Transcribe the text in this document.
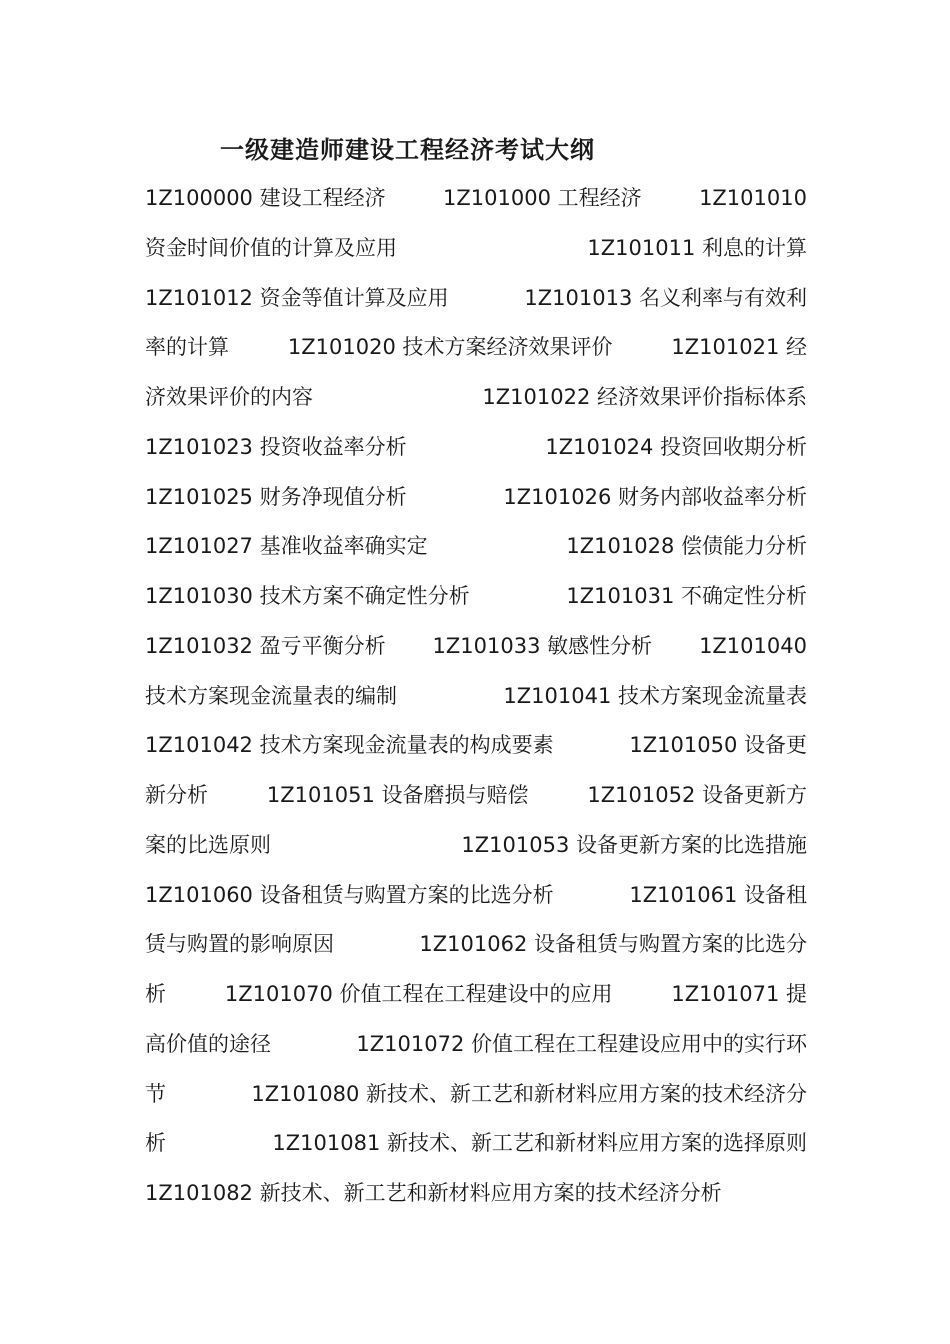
一级建造师建设工程经济考试大纲
1Z100000 建设工程经济	1Z101000 工程经济	1Z101010
资金时间价值的计算及应用	1Z101011 利息的计算
1Z101012 资金等值计算及应用	1Z101013 名义利率与有效利
率的计算	1Z101020 技术方案经济效果评价	1Z101021 经
济效果评价的内容	1Z101022 经济效果评价指标体系
1Z101023 投资收益率分析	1Z101024 投资回收期分析
1Z101025 财务净现值分析	1Z101026 财务内部收益率分析
1Z101027 基准收益率确实定	1Z101028 偿债能力分析
1Z101030 技术方案不确定性分析	1Z101031 不确定性分析
1Z101032 盈亏平衡分析 1Z101033 敏感性分析 1Z101040
技术方案现金流量表的编制	1Z101041 技术方案现金流量表
1Z101042 技术方案现金流量表的构成要素	1Z101050 设备更
新分析	1Z101051 设备磨损与赔偿	1Z101052 设备更新方
案的比选原则	1Z101053 设备更新方案的比选措施
1Z101060 设备租赁与购置方案的比选分析	1Z101061 设备租
赁与购置的影响原因	1Z101062 设备租赁与购置方案的比选分
析	1Z101070 价值工程在工程建设中的应用	1Z101071 提
高价值的途径	1Z101072 价值工程在工程建设应用中的实行环
节	1Z101080 新技术、新工艺和新材料应用方案的技术经济分
析	1Z101081 新技术、新工艺和新材料应用方案的选择原则
1Z101082 新技术、新工艺和新材料应用方案的技术经济分析
